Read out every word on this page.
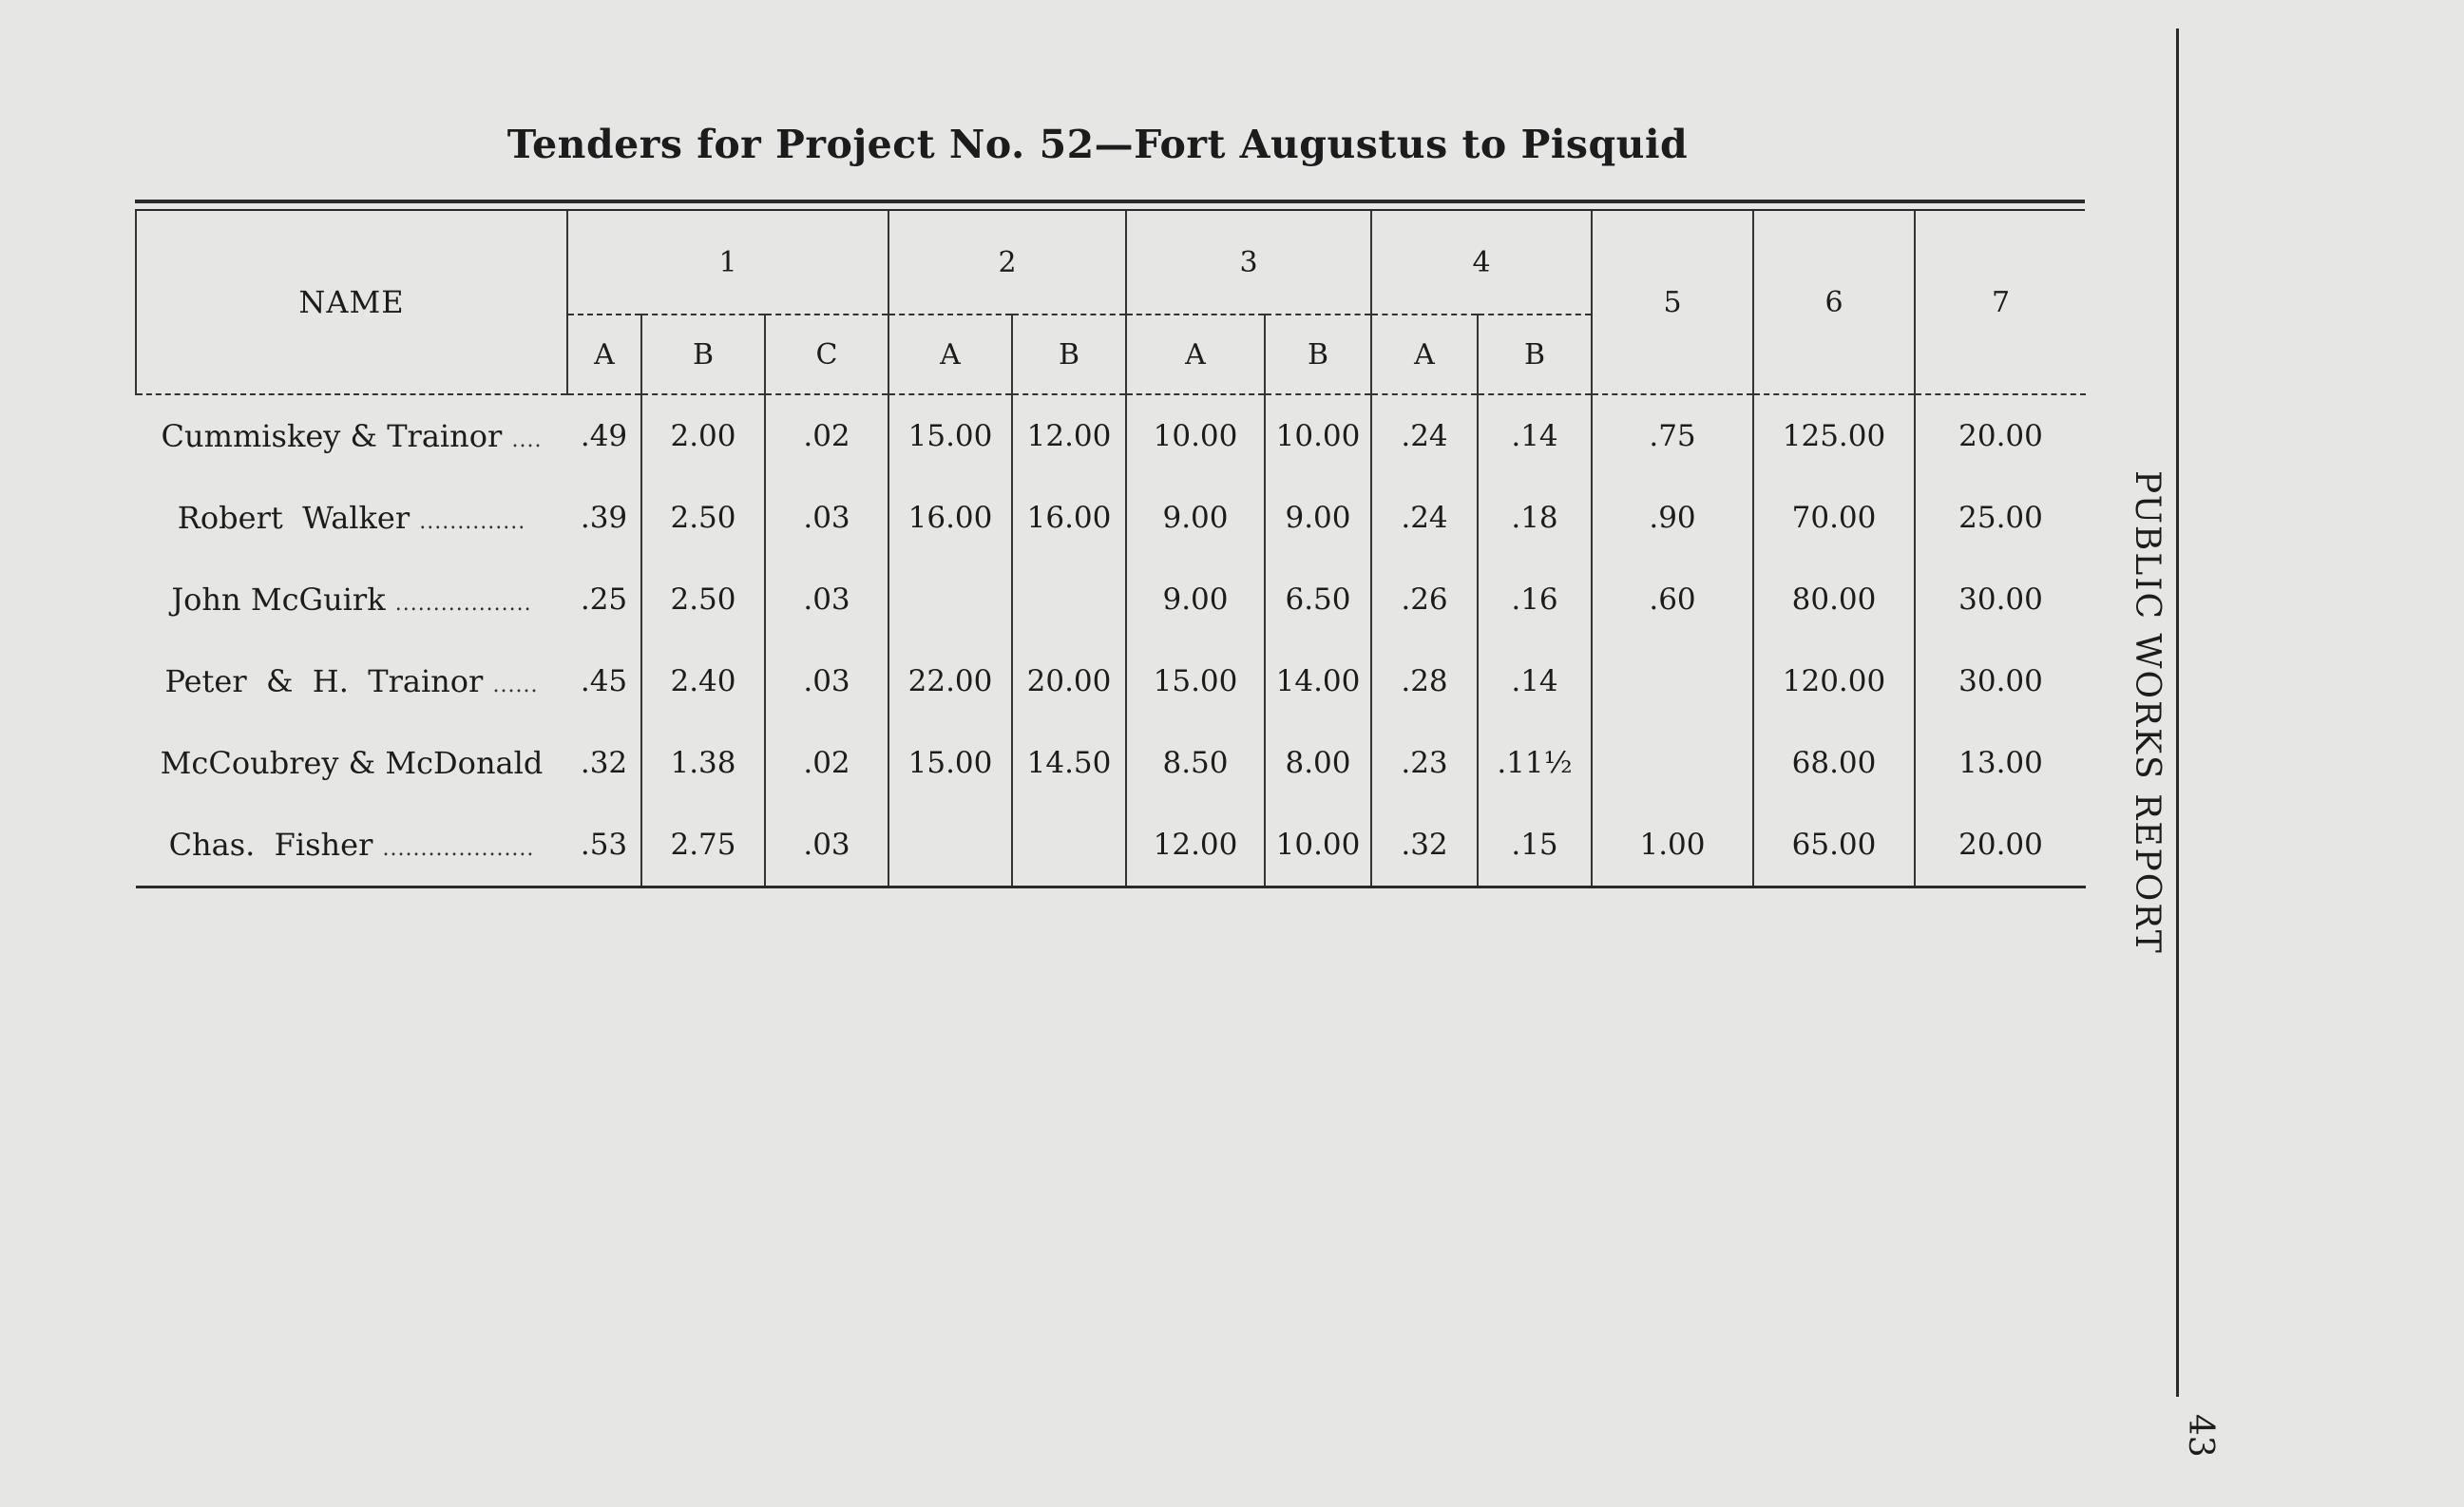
Tenders for Project No. 52—Fort Augustus to Pisquid
NAME	1			2		3		4		5	6	7
	A	B	C	A	B	A	B	A	B			
Cummiskey & Trainor ....	.49	2.00	.02	15.00	12.00	10.00	10.00	.24	.14	.75	125.00	20.00
Robert  Walker ..............	.39	2.50	.03	16.00	16.00	9.00	9.00	.24	.18	.90	70.00	25.00
John McGuirk ..................	.25	2.50	.03			9.00	6.50	.26	.16	.60	80.00	30.00
Peter  &  H.  Trainor ......	.45	2.40	.03	22.00	20.00	15.00	14.00	.28	.14		120.00	30.00
McCoubrey & McDonald	.32	1.38	.02	15.00	14.50	8.50	8.00	.23	.11½		68.00	13.00
Chas.  Fisher ....................	.53	2.75	.03			12.00	10.00	.32	.15	1.00	65.00	20.00	PUBLIC WORKS REPORT
43
